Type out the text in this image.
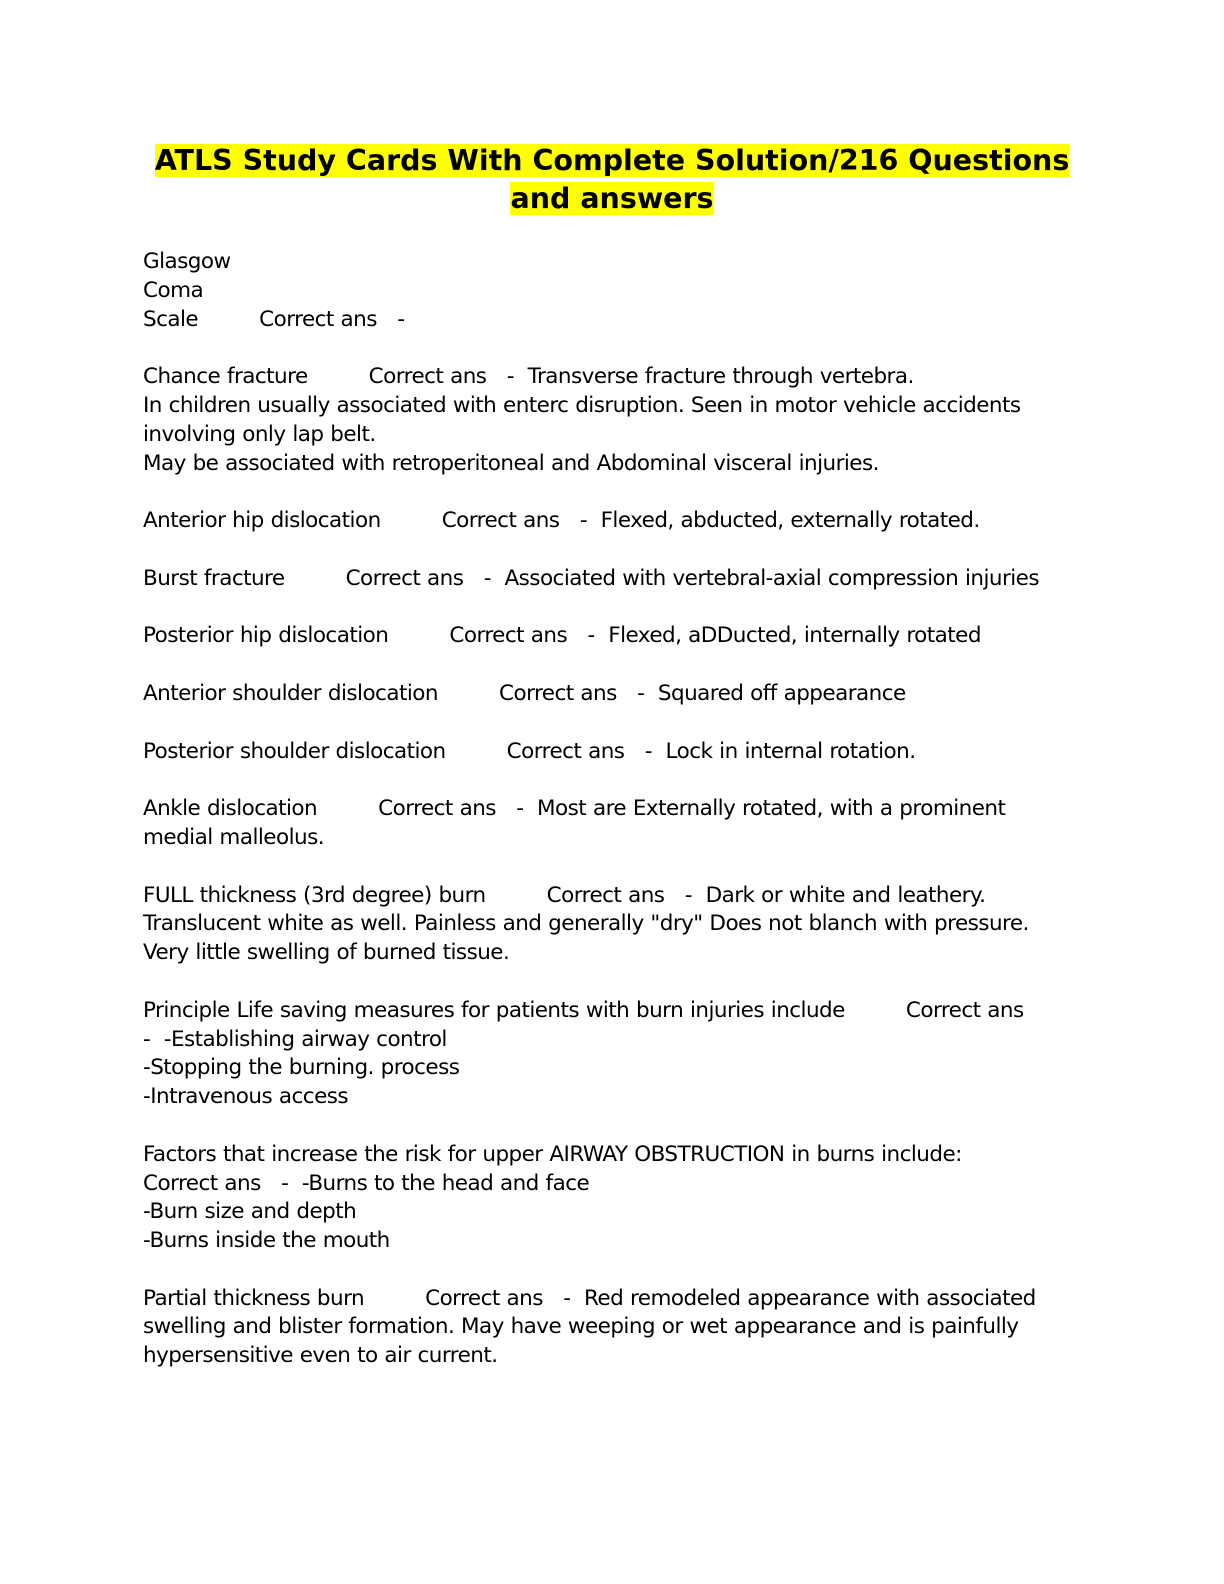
ATLS Study Cards With Complete Solution/216 Questions
and answers
Glasgow
Coma
Scale         Correct ans   -
Chance fracture         Correct ans   -  Transverse fracture through vertebra.
In children usually associated with enterc disruption. Seen in motor vehicle accidents
involving only lap belt.
May be associated with retroperitoneal and Abdominal visceral injuries.
Anterior hip dislocation         Correct ans   -  Flexed, abducted, externally rotated.
Burst fracture         Correct ans   -  Associated with vertebral-axial compression injuries
Posterior hip dislocation         Correct ans   -  Flexed, aDDucted, internally rotated
Anterior shoulder dislocation         Correct ans   -  Squared off appearance
Posterior shoulder dislocation         Correct ans   -  Lock in internal rotation.
Ankle dislocation         Correct ans   -  Most are Externally rotated, with a prominent
medial malleolus.
FULL thickness (3rd degree) burn         Correct ans   -  Dark or white and leathery.
Translucent white as well. Painless and generally "dry" Does not blanch with pressure.
Very little swelling of burned tissue.
Principle Life saving measures for patients with burn injuries include         Correct ans
-  -Establishing airway control
-Stopping the burning. process
-Intravenous access
Factors that increase the risk for upper AIRWAY OBSTRUCTION in burns include:
Correct ans   -  -Burns to the head and face
-Burn size and depth
-Burns inside the mouth
Partial thickness burn         Correct ans   -  Red remodeled appearance with associated
swelling and blister formation. May have weeping or wet appearance and is painfully
hypersensitive even to air current.
